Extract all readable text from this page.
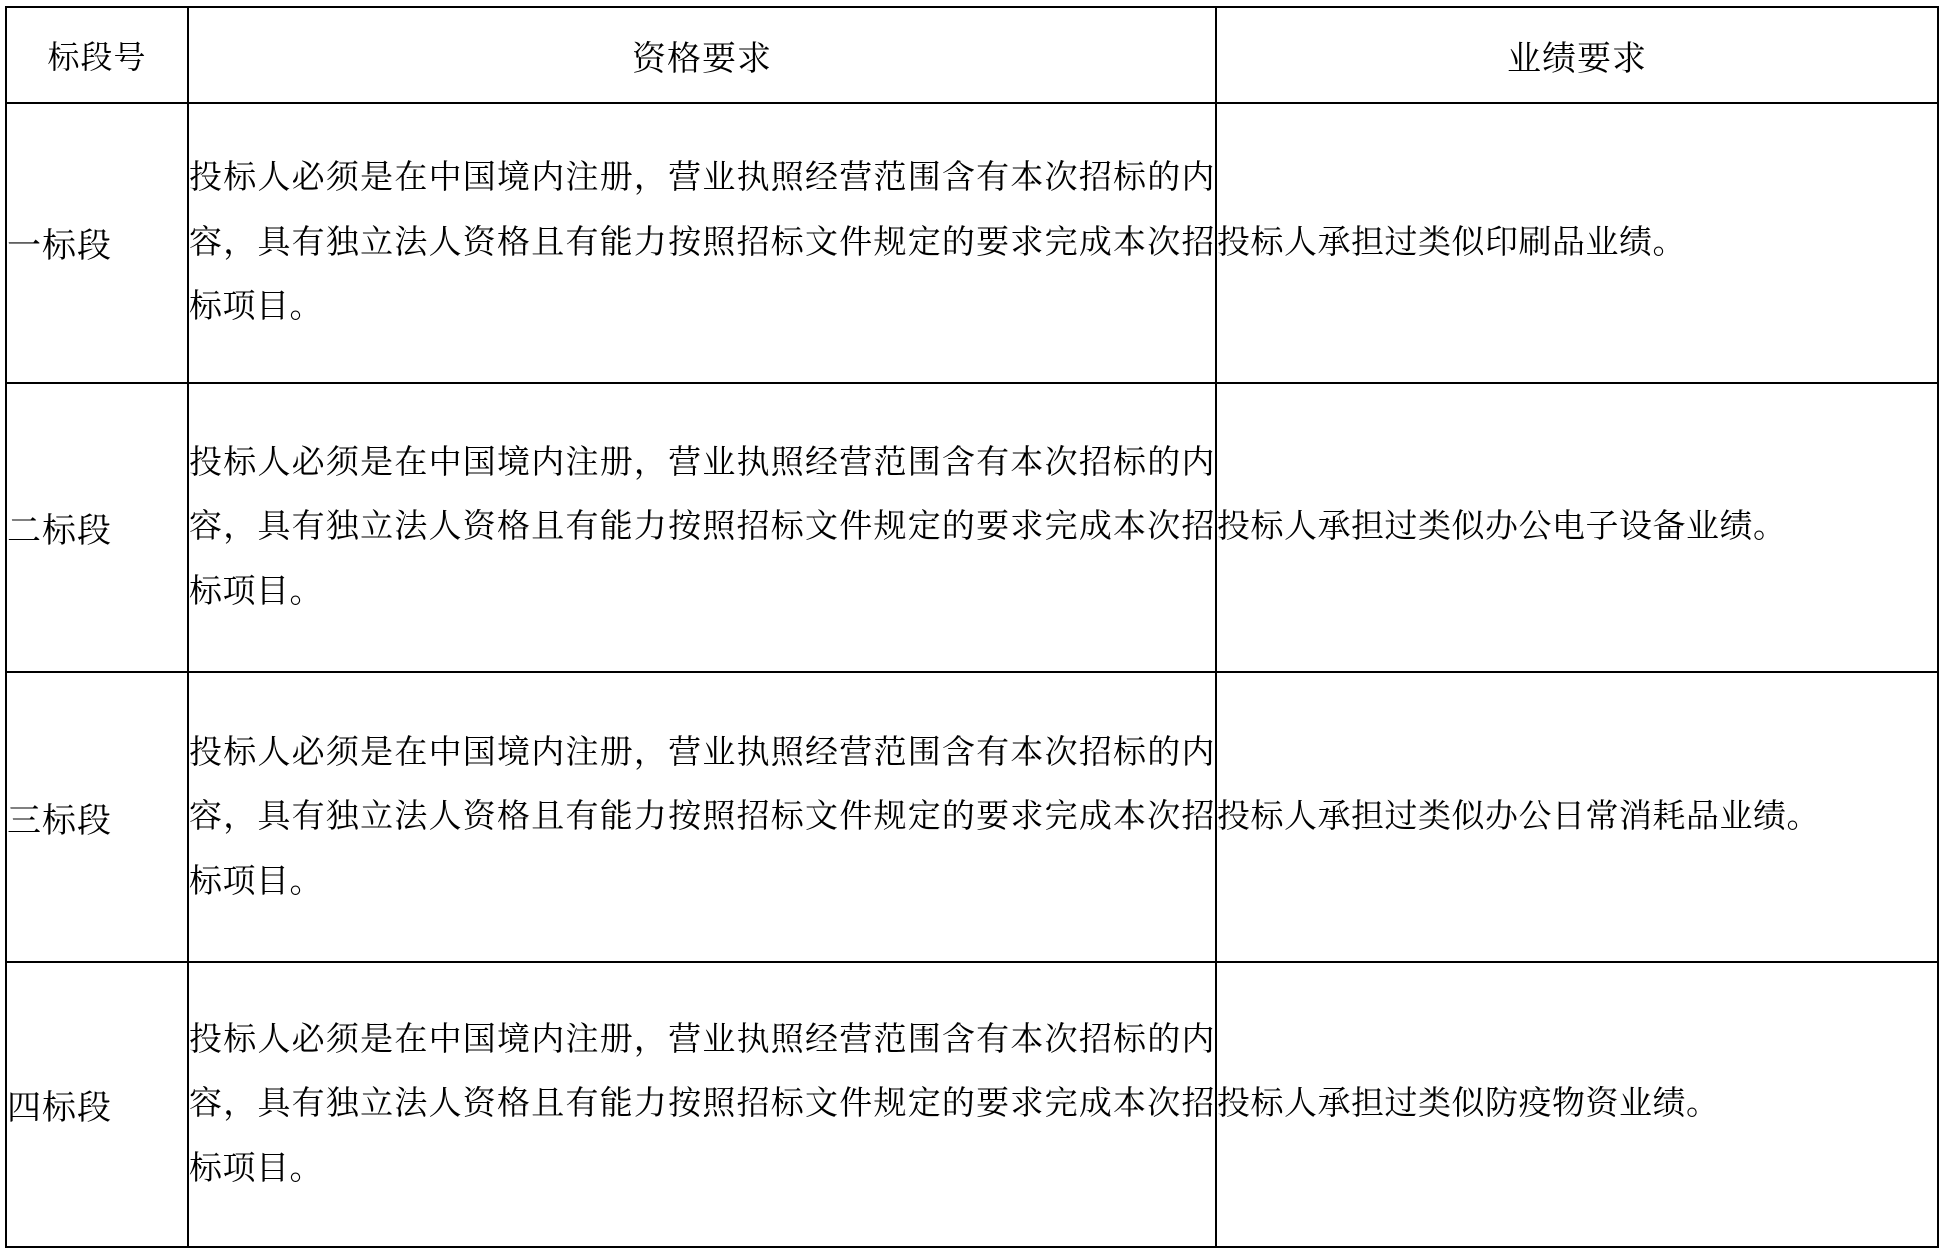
标段号	资格要求	业绩要求
一标段	投标人必须是在中国境内注册，营业执照经营范围含有本次招标的内容，具有独立法人资格且有能力按照招标文件规定的要求完成本次招标项目。	投标人承担过类似印刷品业绩。
二标段	投标人必须是在中国境内注册，营业执照经营范围含有本次招标的内容，具有独立法人资格且有能力按照招标文件规定的要求完成本次招标项目。	投标人承担过类似办公电子设备业绩。
三标段	投标人必须是在中国境内注册，营业执照经营范围含有本次招标的内容，具有独立法人资格且有能力按照招标文件规定的要求完成本次招标项目。	投标人承担过类似办公日常消耗品业绩。
四标段	投标人必须是在中国境内注册，营业执照经营范围含有本次招标的内容，具有独立法人资格且有能力按照招标文件规定的要求完成本次招标项目。	投标人承担过类似防疫物资业绩。
